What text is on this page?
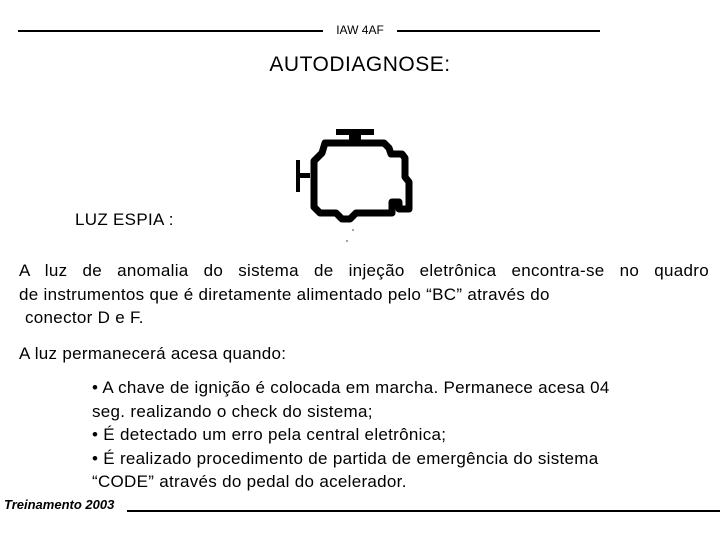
IAW 4AF
AUTODIAGNOSE:
LUZ ESPIA :
A luz de anomalia do sistema de injeção eletrônica encontra-se no quadro
de instrumentos que é diretamente alimentado pelo “BC” através do
conector D e F.
A luz permanecerá acesa quando:
• A chave de ignição é colocada em marcha. Permanece acesa 04
seg. realizando o check do sistema;
• É detectado um erro pela central eletrônica;
• É realizado procedimento de partida de emergência do sistema
“CODE” através do pedal do acelerador.
Treinamento 2003
